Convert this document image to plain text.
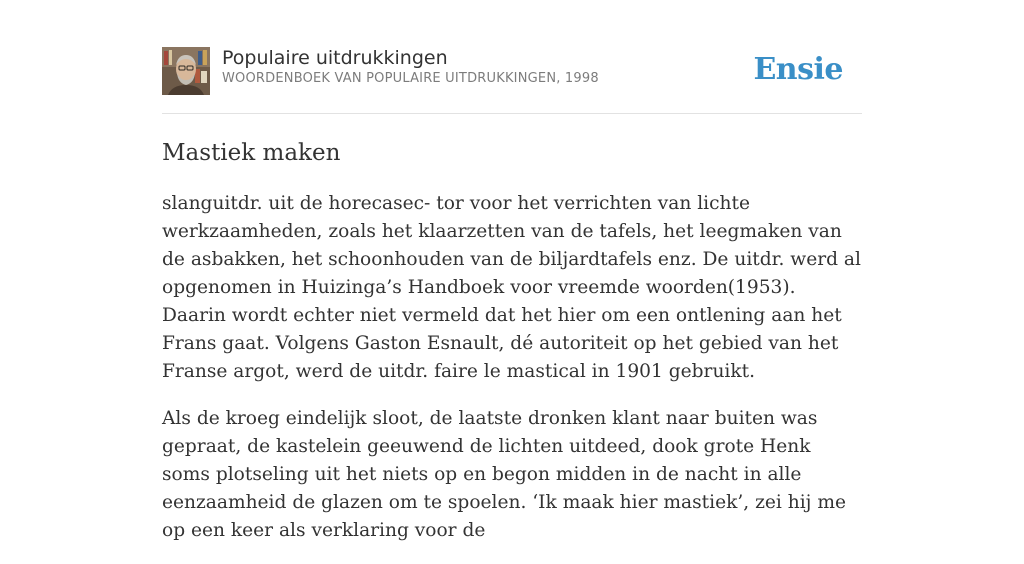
Populaire uitdrukkingen
WOORDENBOEK VAN POPULAIRE UITDRUKKINGEN, 1998	Ensie
Mastiek maken

slanguitdr. uit de horecasec- tor voor het verrichten van lichte werkzaamheden, zoals het klaarzetten van de tafels, het leegmaken van de asbakken, het schoonhouden van de biljardtafels enz. De uitdr. werd al opgenomen in Huizinga’s Handboek voor vreemde woorden(1953). Daarin wordt echter niet vermeld dat het hier om een ontlening aan het Frans gaat. Volgens Gaston Esnault, dé autoriteit op het gebied van het Franse argot, werd de uitdr. faire le mastical in 1901 gebruikt.

Als de kroeg eindelijk sloot, de laatste dronken klant naar buiten was gepraat, de kastelein geeuwend de lichten uitdeed, dook grote Henk soms plotseling uit het niets op en begon midden in de nacht in alle eenzaamheid de glazen om te spoelen. ‘Ik maak hier mastiek’, zei hij me op een keer als verklaring voor de
